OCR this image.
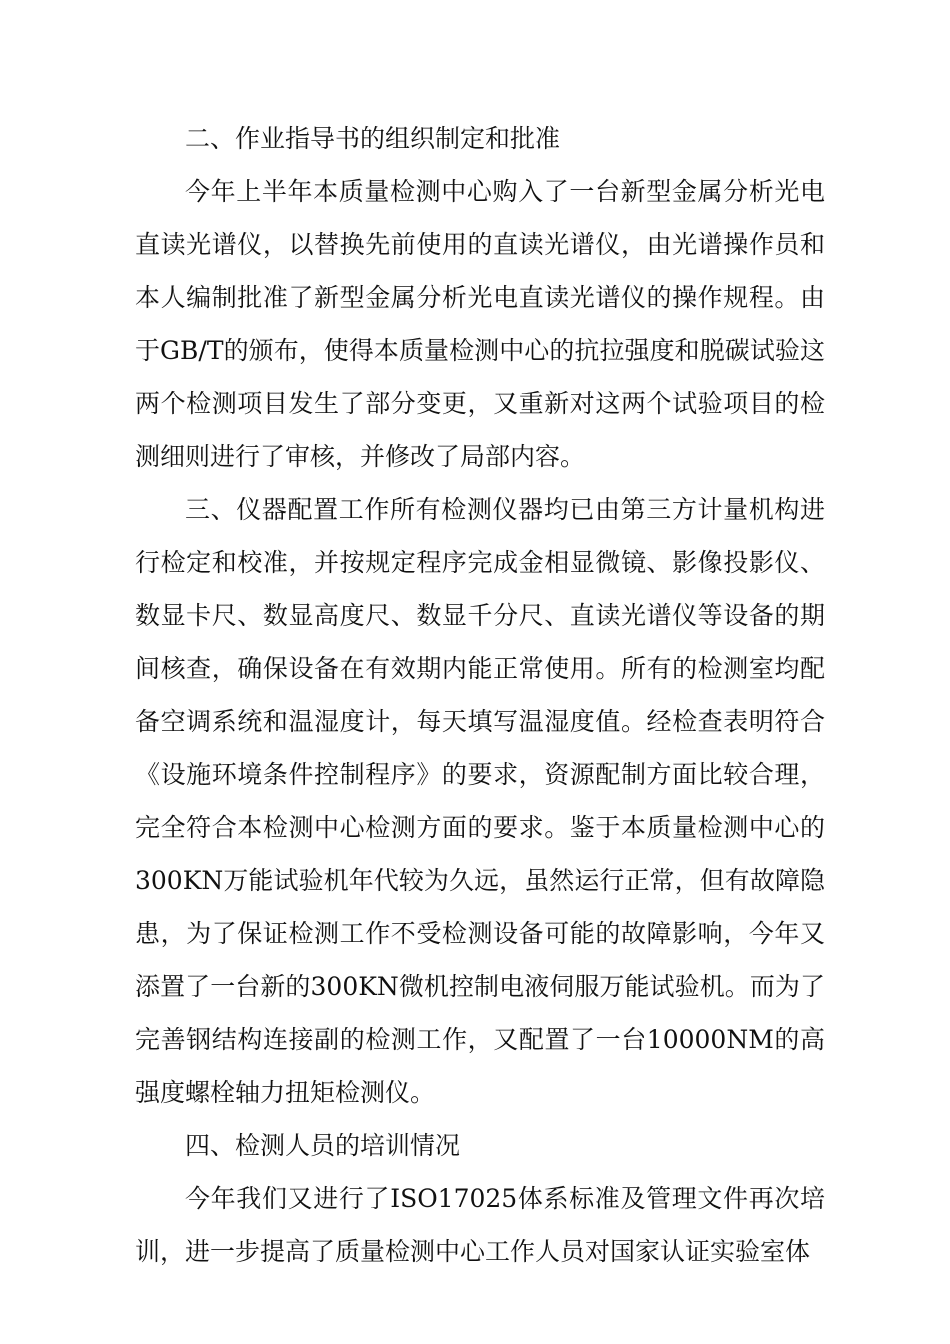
二、作业指导书的组织制定和批准

今年上半年本质量检测中心购入了一台新型金属分析光电直读光谱仪，以替换先前使用的直读光谱仪，由光谱操作员和本人编制批准了新型金属分析光电直读光谱仪的操作规程。由于GB/T的颁布，使得本质量检测中心的抗拉强度和脱碳试验这两个检测项目发生了部分变更，又重新对这两个试验项目的检测细则进行了审核，并修改了局部内容。

三、仪器配置工作所有检测仪器均已由第三方计量机构进行检定和校准，并按规定程序完成金相显微镜、影像投影仪、数显卡尺、数显高度尺、数显千分尺、直读光谱仪等设备的期间核查，确保设备在有效期内能正常使用。所有的检测室均配备空调系统和温湿度计，每天填写温湿度值。经检查表明符合《设施环境条件控制程序》的要求，资源配制方面比较合理，完全符合本检测中心检测方面的要求。鉴于本质量检测中心的300KN万能试验机年代较为久远，虽然运行正常，但有故障隐患，为了保证检测工作不受检测设备可能的故障影响，今年又添置了一台新的300KN微机控制电液伺服万能试验机。而为了完善钢结构连接副的检测工作，又配置了一台10000NM的高强度螺栓轴力扭矩检测仪。

四、检测人员的培训情况

今年我们又进行了ISO17025体系标准及管理文件再次培训，进一步提高了质量检测中心工作人员对国家认证实验室体
